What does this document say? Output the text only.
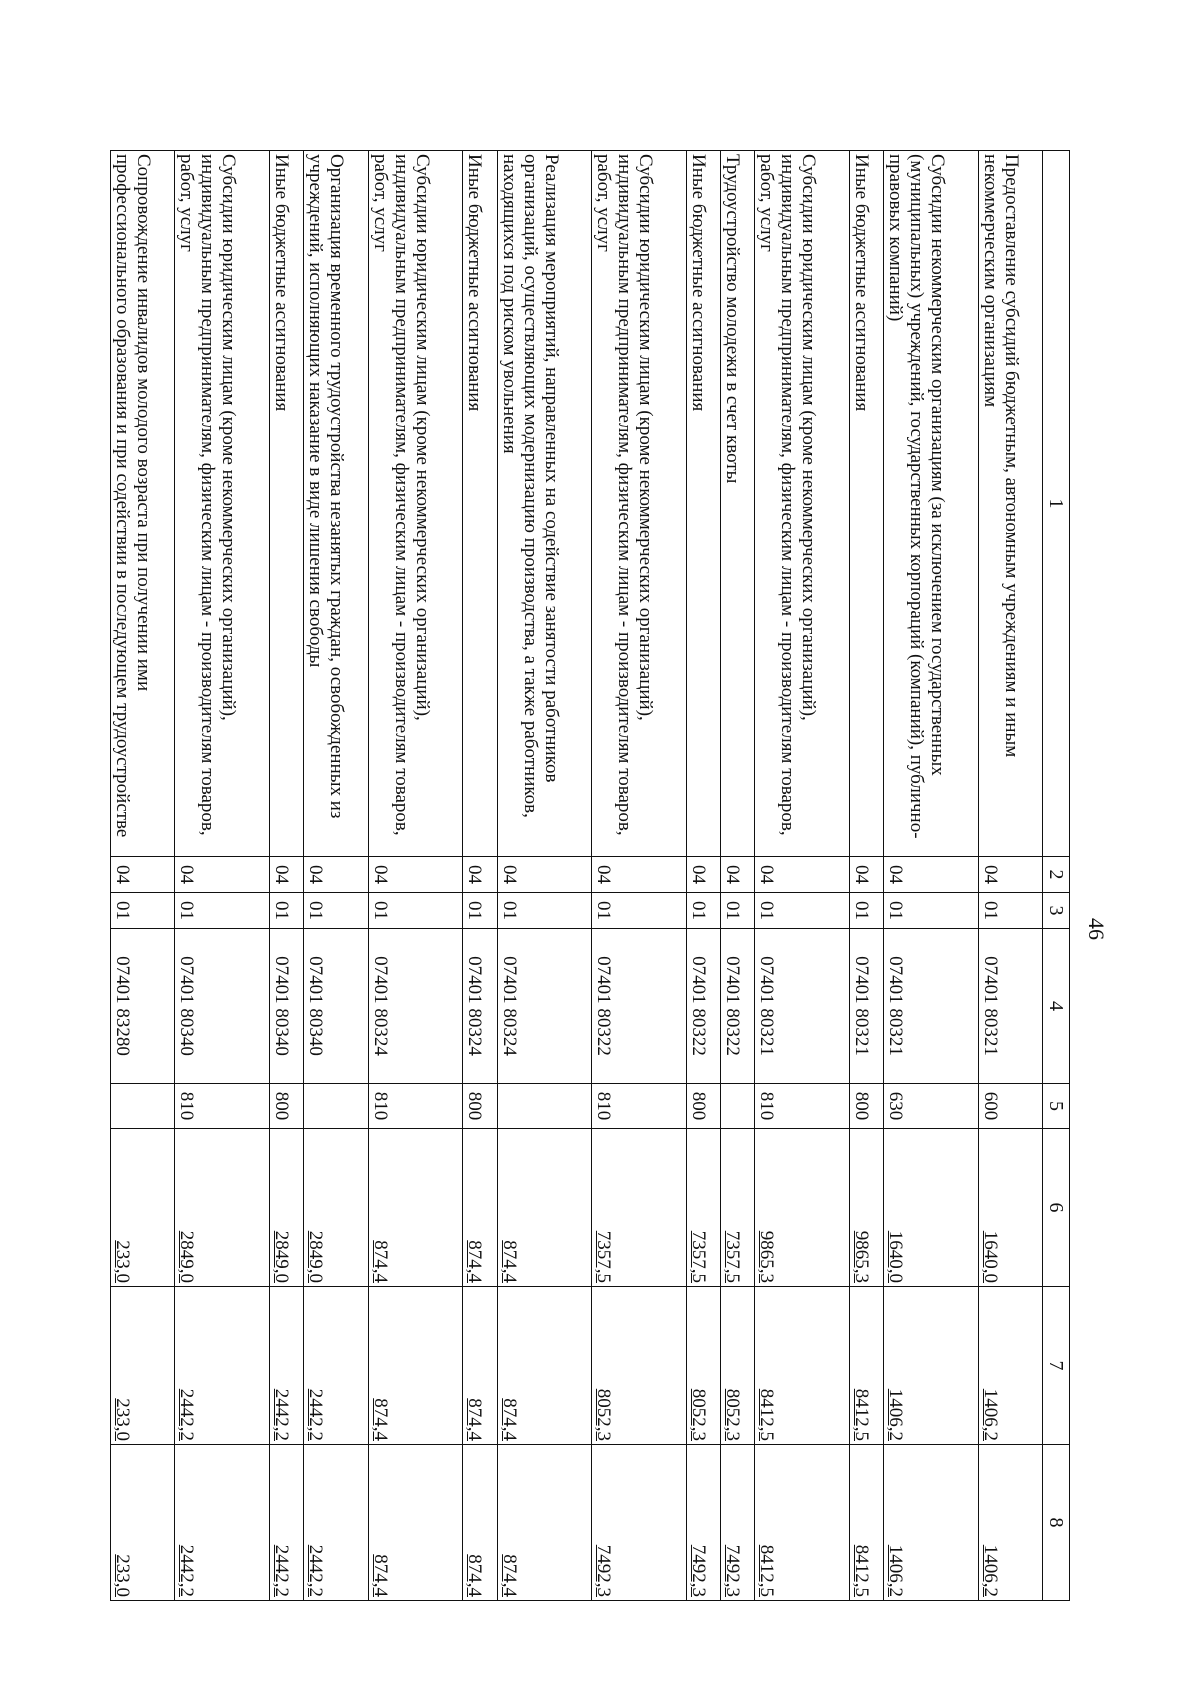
46
1	2	3	4	5	6	7	8
Предоставление субсидий бюджетным, автономным учреждениям и иным некоммерческим организациям	04	01	07401 80321	600	1640,0	1406,2	1406,2
Субсидии некоммерческим организациям (за исключением государственных (муниципальных) учреждений, государственных корпораций (компаний), публично-правовых компаний)	04	01	07401 80321	630	1640,0	1406,2	1406,2
Иные бюджетные ассигнования	04	01	07401 80321	800	9865,3	8412,5	8412,5
Субсидии юридическим лицам (кроме некоммерческих организаций), индивидуальным предпринимателям, физическим лицам - производителям товаров, работ, услуг	04	01	07401 80321	810	9865,3	8412,5	8412,5
Трудоустройство молодежи в счет квоты	04	01	07401 80322		7357,5	8052,3	7492,3
Иные бюджетные ассигнования	04	01	07401 80322	800	7357,5	8052,3	7492,3
Субсидии юридическим лицам (кроме некоммерческих организаций), индивидуальным предпринимателям, физическим лицам - производителям товаров, работ, услуг	04	01	07401 80322	810	7357,5	8052,3	7492,3
Реализация мероприятий, направленных на содействие занятости работников организаций, осуществляющих модернизацию производства, а также работников, находящихся под риском увольнения	04	01	07401 80324		874,4	874,4	874,4
Иные бюджетные ассигнования	04	01	07401 80324	800	874,4	874,4	874,4
Субсидии юридическим лицам (кроме некоммерческих организаций), индивидуальным предпринимателям, физическим лицам - производителям товаров, работ, услуг	04	01	07401 80324	810	874,4	874,4	874,4
Организация временного трудоустройства незанятых граждан, освобожденных из учреждений, исполняющих наказание в виде лишения свободы	04	01	07401 80340		2849,0	2442,2	2442,2
Иные бюджетные ассигнования	04	01	07401 80340	800	2849,0	2442,2	2442,2
Субсидии юридическим лицам (кроме некоммерческих организаций), индивидуальным предпринимателям, физическим лицам - производителям товаров, работ, услуг	04	01	07401 80340	810	2849,0	2442,2	2442,2
Сопровождение инвалидов молодого возраста при получении ими профессионального образования и при содействии в последующем трудоустройстве	04	01	07401 83280		233,0	233,0	233,0
